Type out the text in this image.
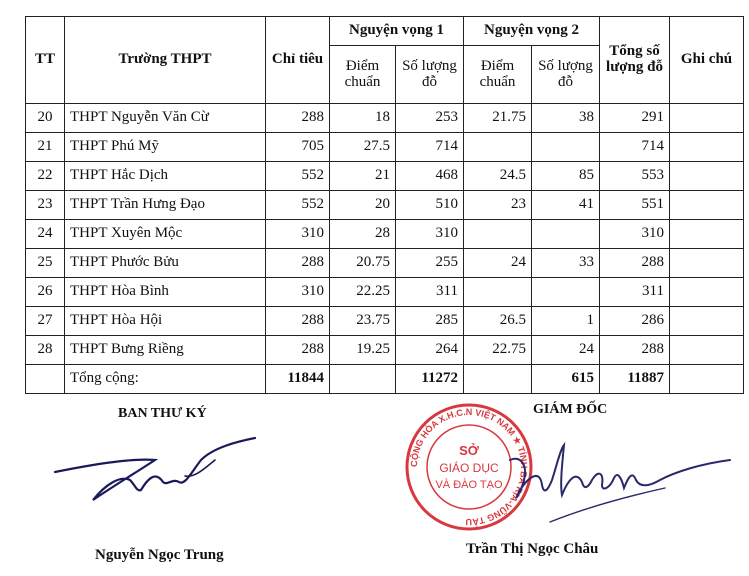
TT	Trường THPT	Chỉ tiêu	Nguyện vọng 1		Nguyện vọng 2		Tổng số lượng đỗ	Ghi chú
			Điểm chuẩn	Số lượng đỗ	Điểm chuẩn	Số lượng đỗ		
20	THPT Nguyễn Văn Cừ	288	18	253	21.75	38	291	
21	THPT Phú Mỹ	705	27.5	714			714	
22	THPT Hắc Dịch	552	21	468	24.5	85	553	
23	THPT Trần Hưng Đạo	552	20	510	23	41	551	
24	THPT Xuyên Mộc	310	28	310			310	
25	THPT Phước Bửu	288	20.75	255	24	33	288	
26	THPT Hòa Bình	310	22.25	311			311	
27	THPT Hòa Hội	288	23.75	285	26.5	1	286	
28	THPT Bưng Riềng	288	19.25	264	22.75	24	288	
	Tổng cộng:	11844		11272		615	11887	
BAN THƯ KÝ
Nguyễn Ngọc Trung
GIÁM ĐỐC
CỘNG HÒA X.H.C.N VIỆT NAM ★ TỈNH BÀ RỊA-VŨNG TÀU
SỞ
GIÁO DỤC
VÀ ĐÀO TẠO
Trần Thị Ngọc Châu
